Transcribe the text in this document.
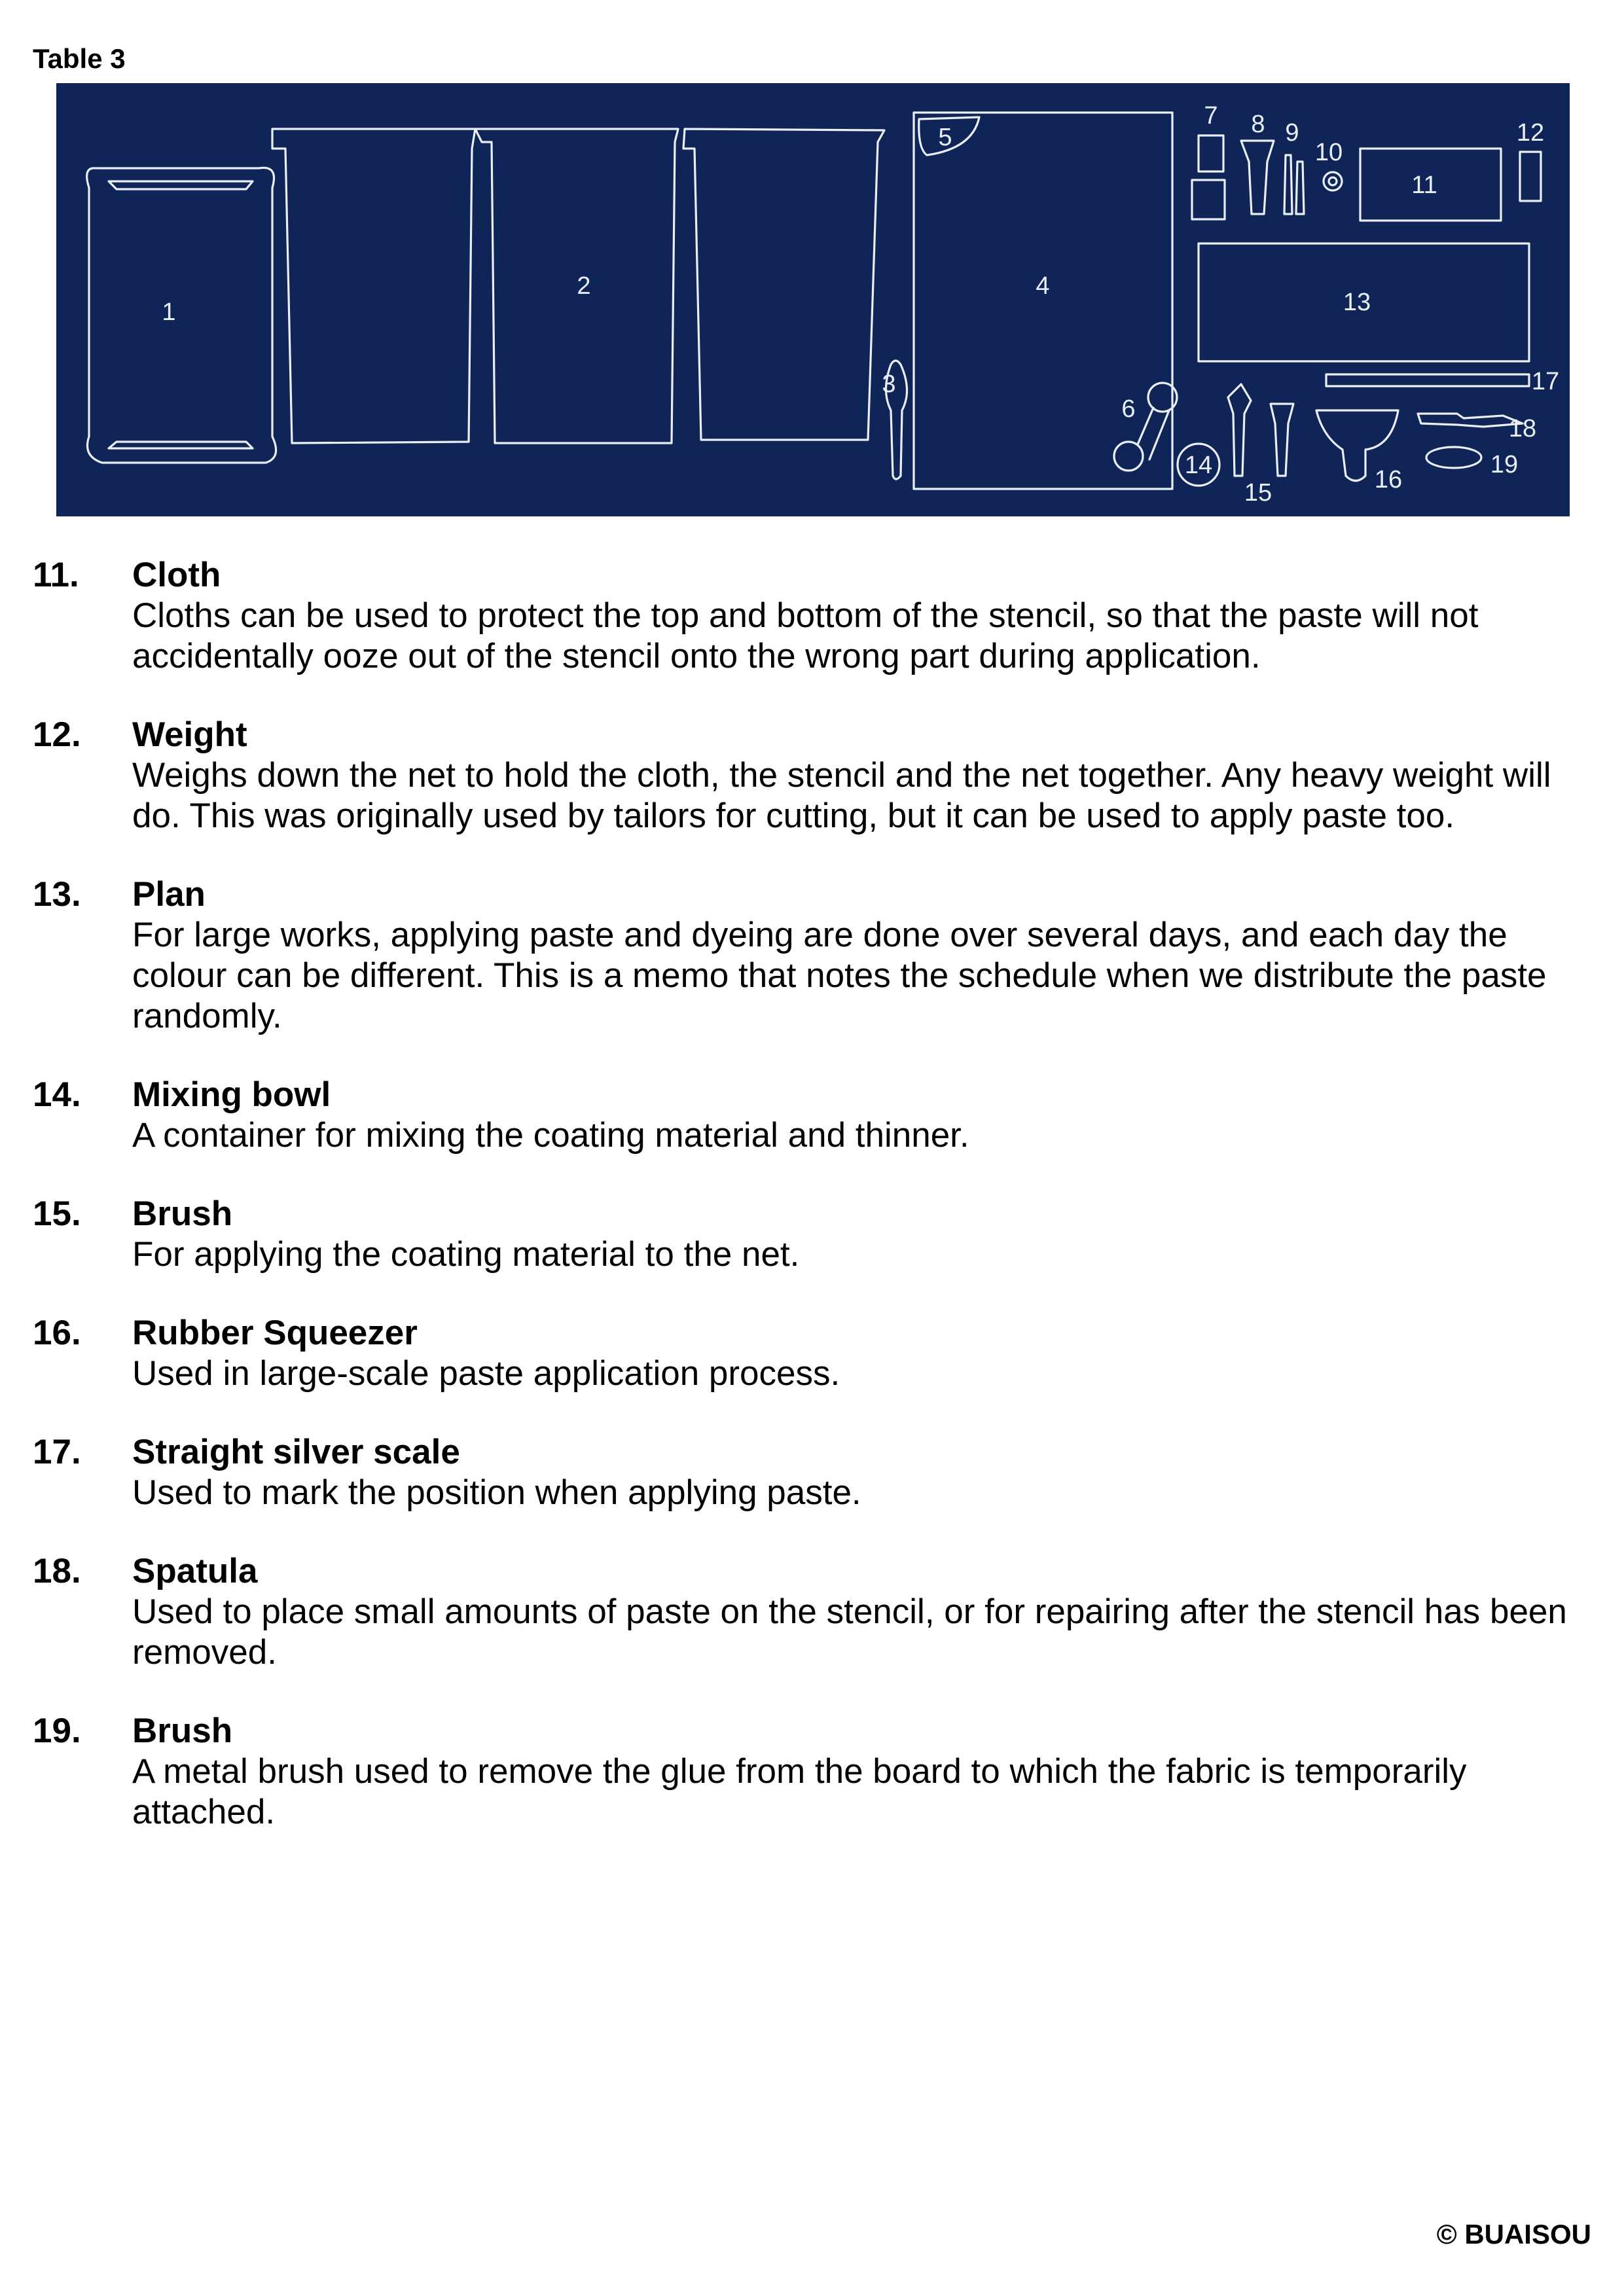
Table 3
1
2
3
4
5
6
7 8 9
10
11
12
13
14
15	16
17
18
19
11. Cloth
Cloths can be used to protect the top and bottom of the stencil, so that the paste will not accidentally ooze out of the stencil onto the wrong part during application.
12. Weight
Weighs down the net to hold the cloth, the stencil and the net together. Any heavy weight will do. This was originally used by tailors for cutting, but it can be used to apply paste too.
13. Plan
For large works, applying paste and dyeing are done over several days, and each day the colour can be different. This is a memo that notes the schedule when we distribute the paste randomly.
14. Mixing bowl
A container for mixing the coating material and thinner.
15. Brush
For applying the coating material to the net.
16. Rubber Squeezer
Used in large-scale paste application process.
17. Straight silver scale
Used to mark the position when applying paste.
18. Spatula
Used to place small amounts of paste on the stencil, or for repairing after the stencil has been removed.
19. Brush
A metal brush used to remove the glue from the board to which the fabric is temporarily attached.
© BUAISOU
